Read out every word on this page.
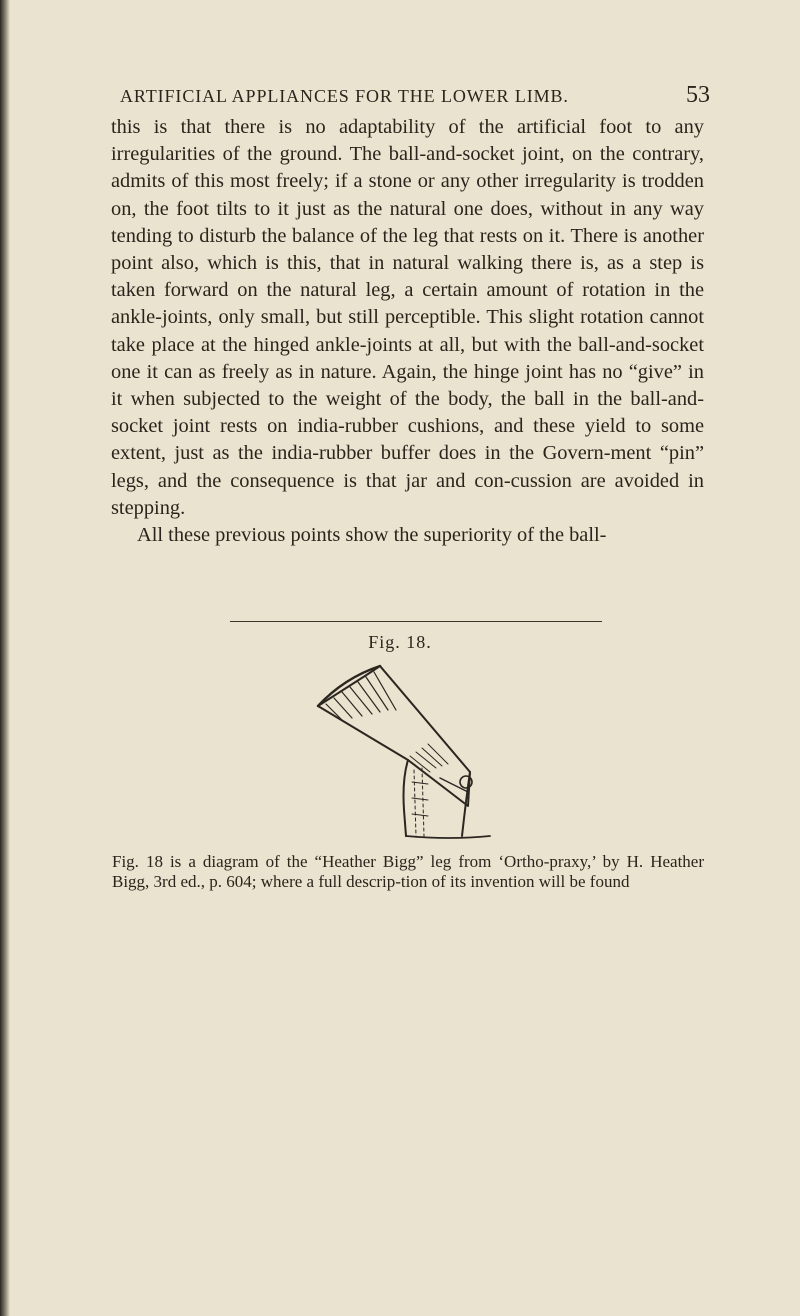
ARTIFICIAL APPLIANCES FOR THE LOWER LIMB.	53

this is that there is no adaptability of the artificial foot to any irregularities of the ground. The ball-and-socket joint, on the contrary, admits of this most freely; if a stone or any other irregularity is trodden on, the foot tilts to it just as the natural one does, without in any way tending to disturb the balance of the leg that rests on it. There is another point also, which is this, that in natural walking there is, as a step is taken forward on the natural leg, a certain amount of rotation in the ankle-joints, only small, but still perceptible. This slight rotation cannot take place at the hinged ankle-joints at all, but with the ball-and-socket one it can as freely as in nature. Again, the hinge joint has no “give” in it when subjected to the weight of the body, the ball in the ball-and-socket joint rests on india-rubber cushions, and these yield to some extent, just as the india-rubber buffer does in the Govern-ment “pin” legs, and the consequence is that jar and con-cussion are avoided in stepping.

All these previous points show the superiority of the ball-

Fig. 18.
Fig. 18 is a diagram of the “Heather Bigg” leg from ‘Ortho-praxy,’ by H. Heather Bigg, 3rd ed., p. 604; where a full descrip-tion of its invention will be found
